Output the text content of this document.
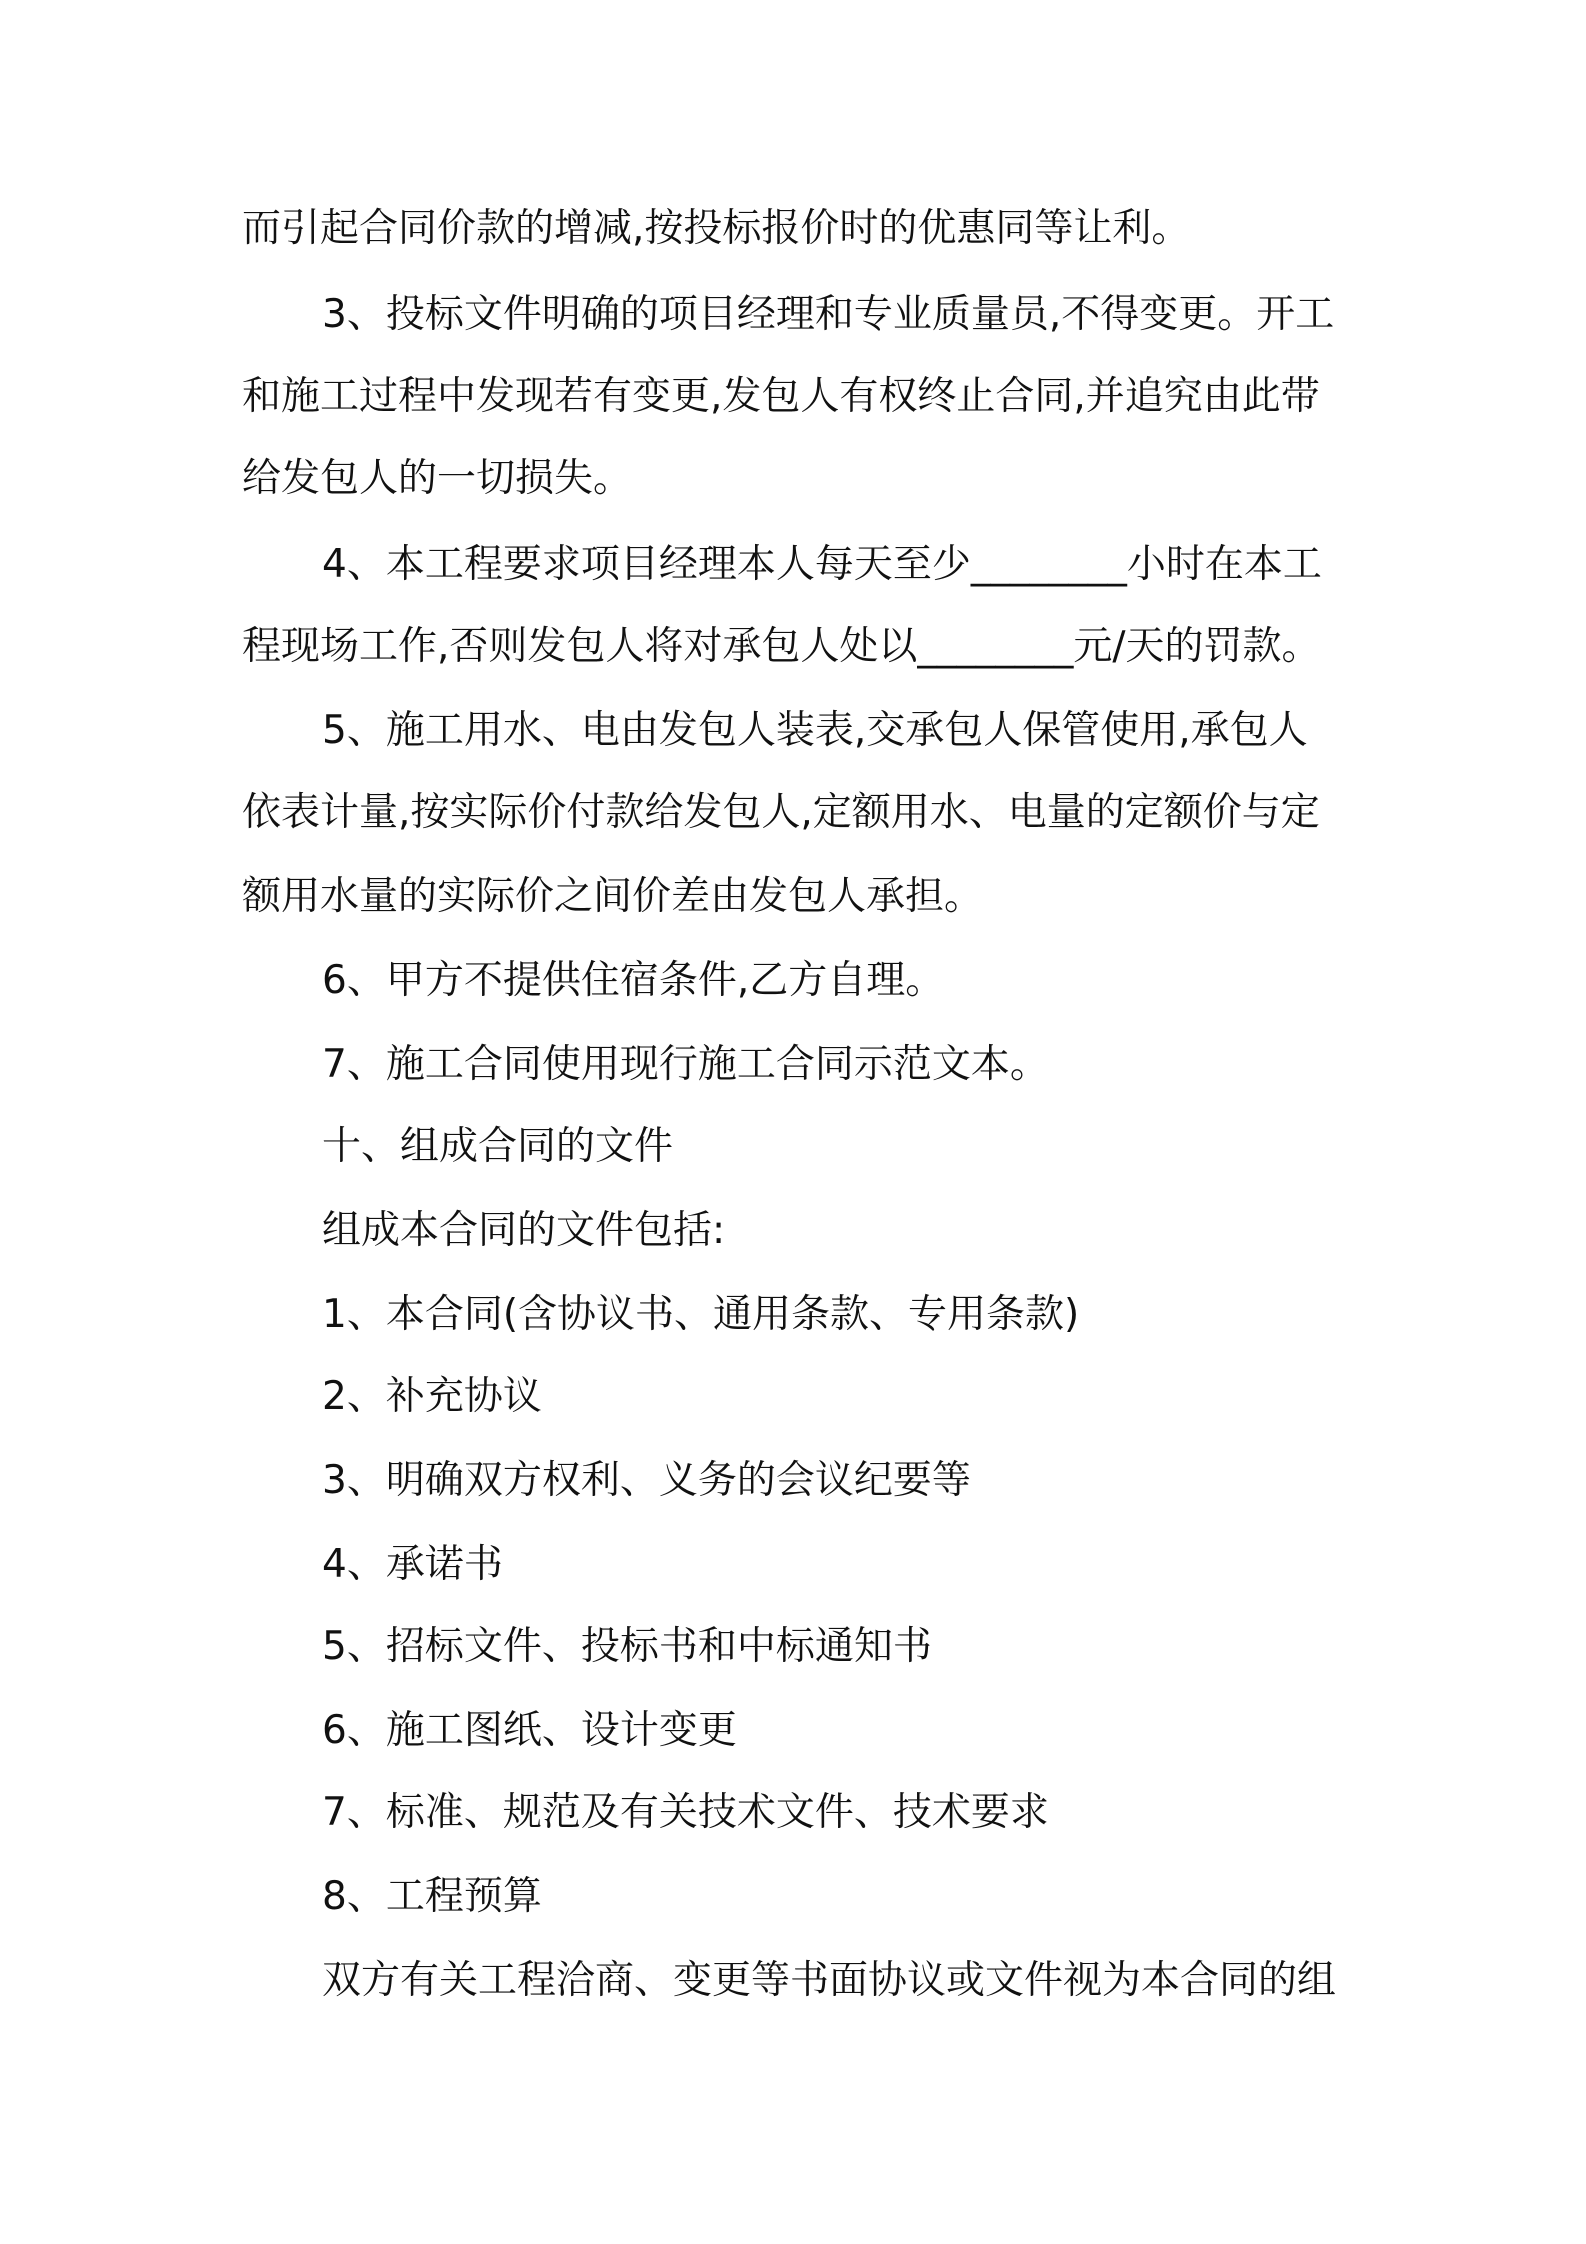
而引起合同价款的增减,按投标报价时的优惠同等让利。

3、投标文件明确的项目经理和专业质量员,不得变更。开工

和施工过程中发现若有变更,发包人有权终止合同,并追究由此带

给发包人的一切损失。

4、本工程要求项目经理本人每天至少________小时在本工

程现场工作,否则发包人将对承包人处以________元/天的罚款。

5、施工用水、电由发包人装表,交承包人保管使用,承包人

依表计量,按实际价付款给发包人,定额用水、电量的定额价与定

额用水量的实际价之间价差由发包人承担。

6、甲方不提供住宿条件,乙方自理。

7、施工合同使用现行施工合同示范文本。

十、组成合同的文件

组成本合同的文件包括:

1、本合同(含协议书、通用条款、专用条款)

2、补充协议

3、明确双方权利、义务的会议纪要等

4、承诺书

5、招标文件、投标书和中标通知书

6、施工图纸、设计变更

7、标准、规范及有关技术文件、技术要求

8、工程预算

双方有关工程洽商、变更等书面协议或文件视为本合同的组
